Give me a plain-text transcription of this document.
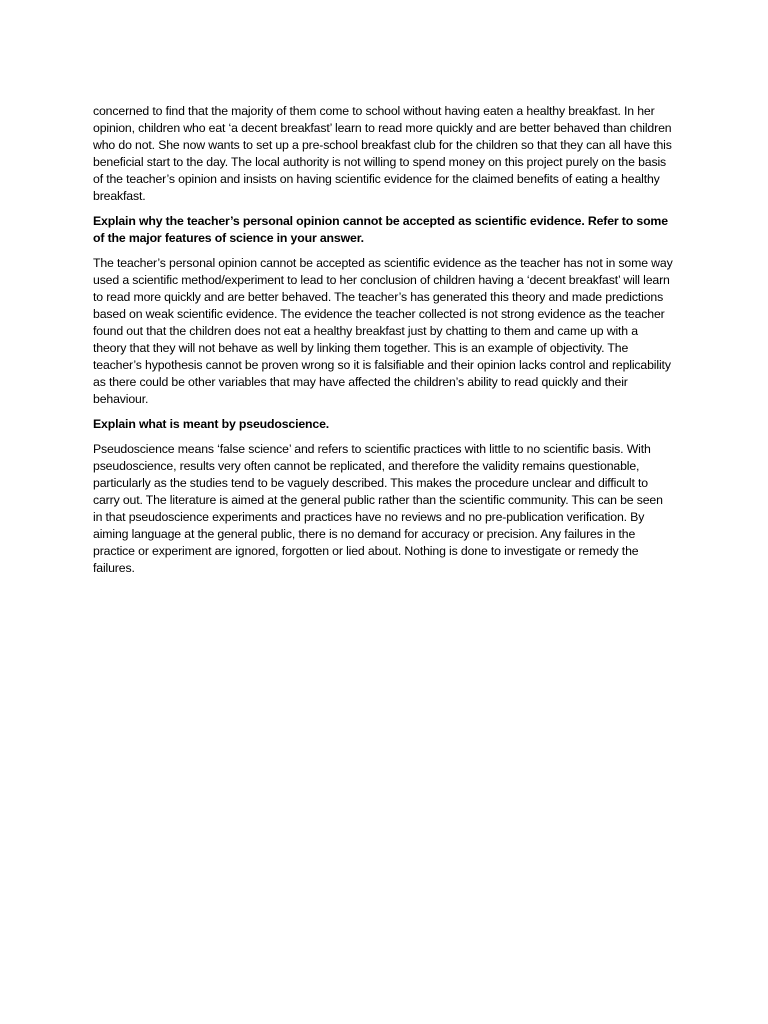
concerned to find that the majority of them come to school without having eaten a healthy breakfast. In her opinion, children who eat ‘a decent breakfast’ learn to read more quickly and are better behaved than children who do not. She now wants to set up a pre-school breakfast club for the children so that they can all have this beneficial start to the day. The local authority is not willing to spend money on this project purely on the basis of the teacher’s opinion and insists on having scientific evidence for the claimed benefits of eating a healthy breakfast.

Explain why the teacher’s personal opinion cannot be accepted as scientific evidence. Refer to some of the major features of science in your answer.

The teacher’s personal opinion cannot be accepted as scientific evidence as the teacher has not in some way used a scientific method/experiment to lead to her conclusion of children having a ‘decent breakfast’ will learn to read more quickly and are better behaved. The teacher’s has generated this theory and made predictions based on weak scientific evidence. The evidence the teacher collected is not strong evidence as the teacher found out that the children does not eat a healthy breakfast just by chatting to them and came up with a theory that they will not behave as well by linking them together. This is an example of objectivity. The teacher’s hypothesis cannot be proven wrong so it is falsifiable and their opinion lacks control and replicability as there could be other variables that may have affected the children’s ability to read quickly and their behaviour.

Explain what is meant by pseudoscience.

Pseudoscience means ‘false science’ and refers to scientific practices with little to no scientific basis. With pseudoscience, results very often cannot be replicated, and therefore the validity remains questionable, particularly as the studies tend to be vaguely described. This makes the procedure unclear and difficult to carry out. The literature is aimed at the general public rather than the scientific community. This can be seen in that pseudoscience experiments and practices have no reviews and no pre-publication verification. By aiming language at the general public, there is no demand for accuracy or precision. Any failures in the practice or experiment are ignored, forgotten or lied about. Nothing is done to investigate or remedy the failures.
